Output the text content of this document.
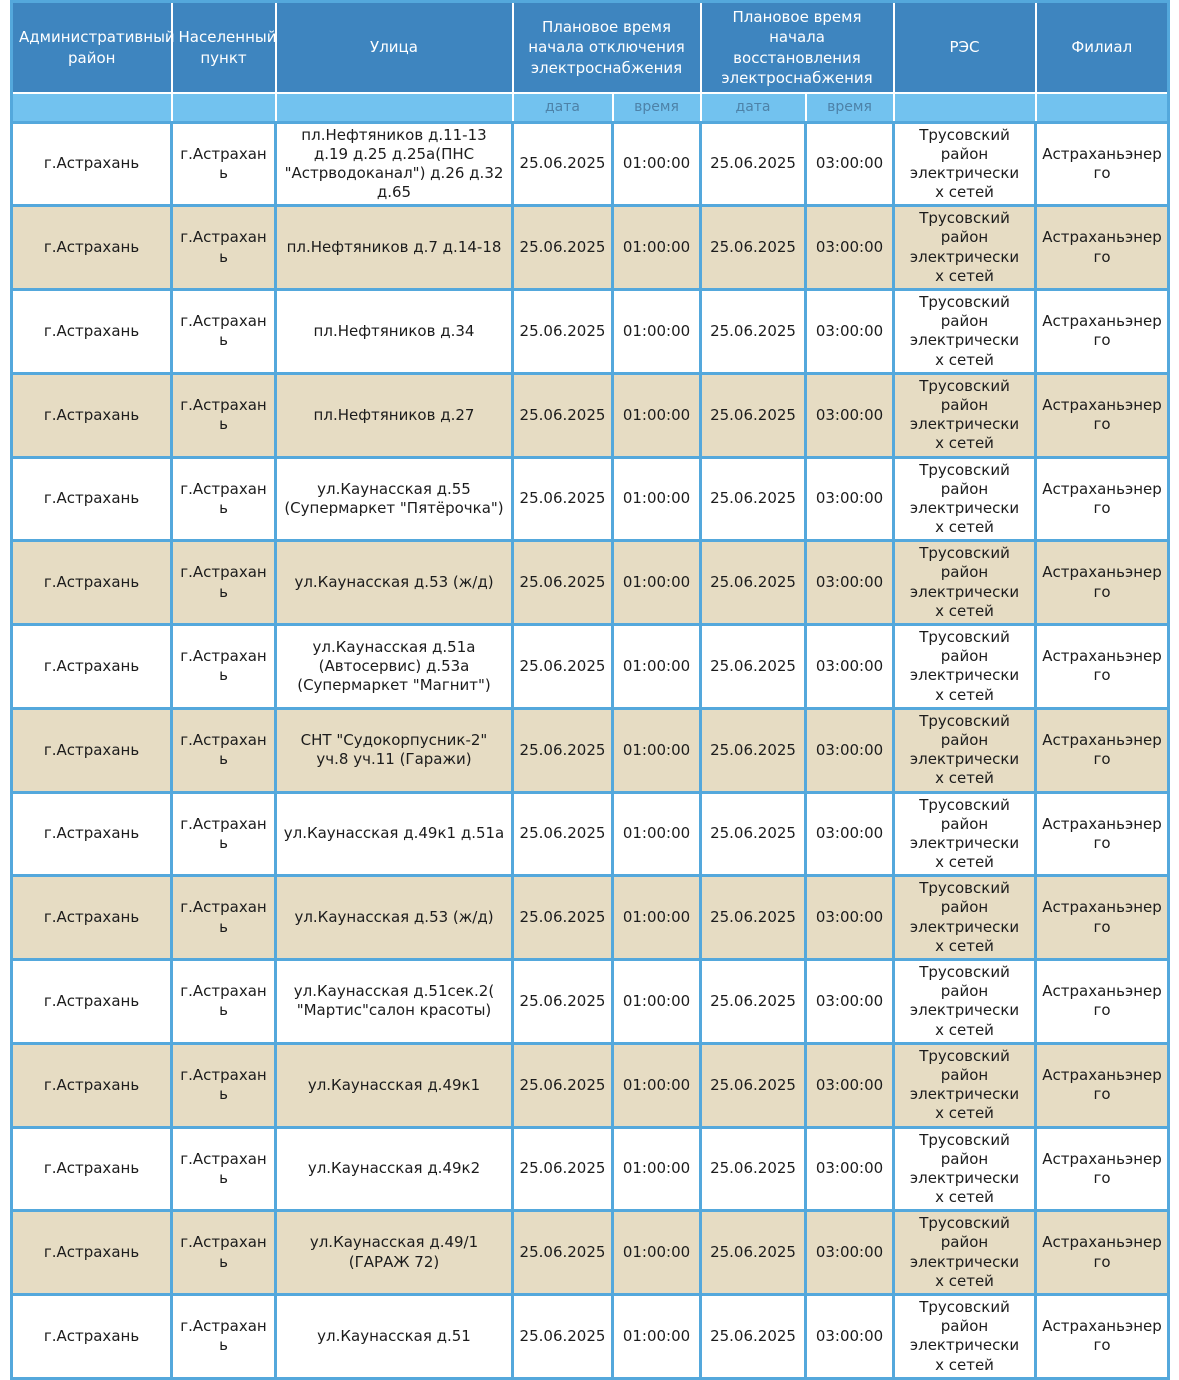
Административный район	Населенный пункт	Улица	Плановое время начала отключения электроснабжения		Плановое время начала восстановления электроснабжения		РЭС	Филиал
			дата	время	дата	время		
г.Астрахань	г.Астрахань	пл.Нефтяников д.11-13 д.19 д.25 д.25а(ПНС "Астрводоканал") д.26 д.32 д.65	25.06.2025	01:00:00	25.06.2025	03:00:00	Трусовский район электрических сетей	Астраханьэнерго
г.Астрахань	г.Астрахань	пл.Нефтяников д.7 д.14-18	25.06.2025	01:00:00	25.06.2025	03:00:00	Трусовский район электрических сетей	Астраханьэнерго
г.Астрахань	г.Астрахань	пл.Нефтяников д.34	25.06.2025	01:00:00	25.06.2025	03:00:00	Трусовский район электрических сетей	Астраханьэнерго
г.Астрахань	г.Астрахань	пл.Нефтяников д.27	25.06.2025	01:00:00	25.06.2025	03:00:00	Трусовский район электрических сетей	Астраханьэнерго
г.Астрахань	г.Астрахань	ул.Каунасская д.55 (Супермаркет "Пятёрочка")	25.06.2025	01:00:00	25.06.2025	03:00:00	Трусовский район электрических сетей	Астраханьэнерго
г.Астрахань	г.Астрахань	ул.Каунасская д.53 (ж/д)	25.06.2025	01:00:00	25.06.2025	03:00:00	Трусовский район электрических сетей	Астраханьэнерго
г.Астрахань	г.Астрахань	ул.Каунасская д.51а (Автосервис) д.53а (Супермаркет "Магнит")	25.06.2025	01:00:00	25.06.2025	03:00:00	Трусовский район электрических сетей	Астраханьэнерго
г.Астрахань	г.Астрахань	СНТ "Судокорпусник-2" уч.8 уч.11 (Гаражи)	25.06.2025	01:00:00	25.06.2025	03:00:00	Трусовский район электрических сетей	Астраханьэнерго
г.Астрахань	г.Астрахань	ул.Каунасская д.49к1 д.51а	25.06.2025	01:00:00	25.06.2025	03:00:00	Трусовский район электрических сетей	Астраханьэнерго
г.Астрахань	г.Астрахань	ул.Каунасская д.53 (ж/д)	25.06.2025	01:00:00	25.06.2025	03:00:00	Трусовский район электрических сетей	Астраханьэнерго
г.Астрахань	г.Астрахань	ул.Каунасская д.51сек.2( "Мартис"салон красоты)	25.06.2025	01:00:00	25.06.2025	03:00:00	Трусовский район электрических сетей	Астраханьэнерго
г.Астрахань	г.Астрахань	ул.Каунасская д.49к1	25.06.2025	01:00:00	25.06.2025	03:00:00	Трусовский район электрических сетей	Астраханьэнерго
г.Астрахань	г.Астрахань	ул.Каунасская д.49к2	25.06.2025	01:00:00	25.06.2025	03:00:00	Трусовский район электрических сетей	Астраханьэнерго
г.Астрахань	г.Астрахань	ул.Каунасская д.49/1 (ГАРАЖ 72)	25.06.2025	01:00:00	25.06.2025	03:00:00	Трусовский район электрических сетей	Астраханьэнерго
г.Астрахань	г.Астрахань	ул.Каунасская д.51	25.06.2025	01:00:00	25.06.2025	03:00:00	Трусовский район электрических сетей	Астраханьэнерго
